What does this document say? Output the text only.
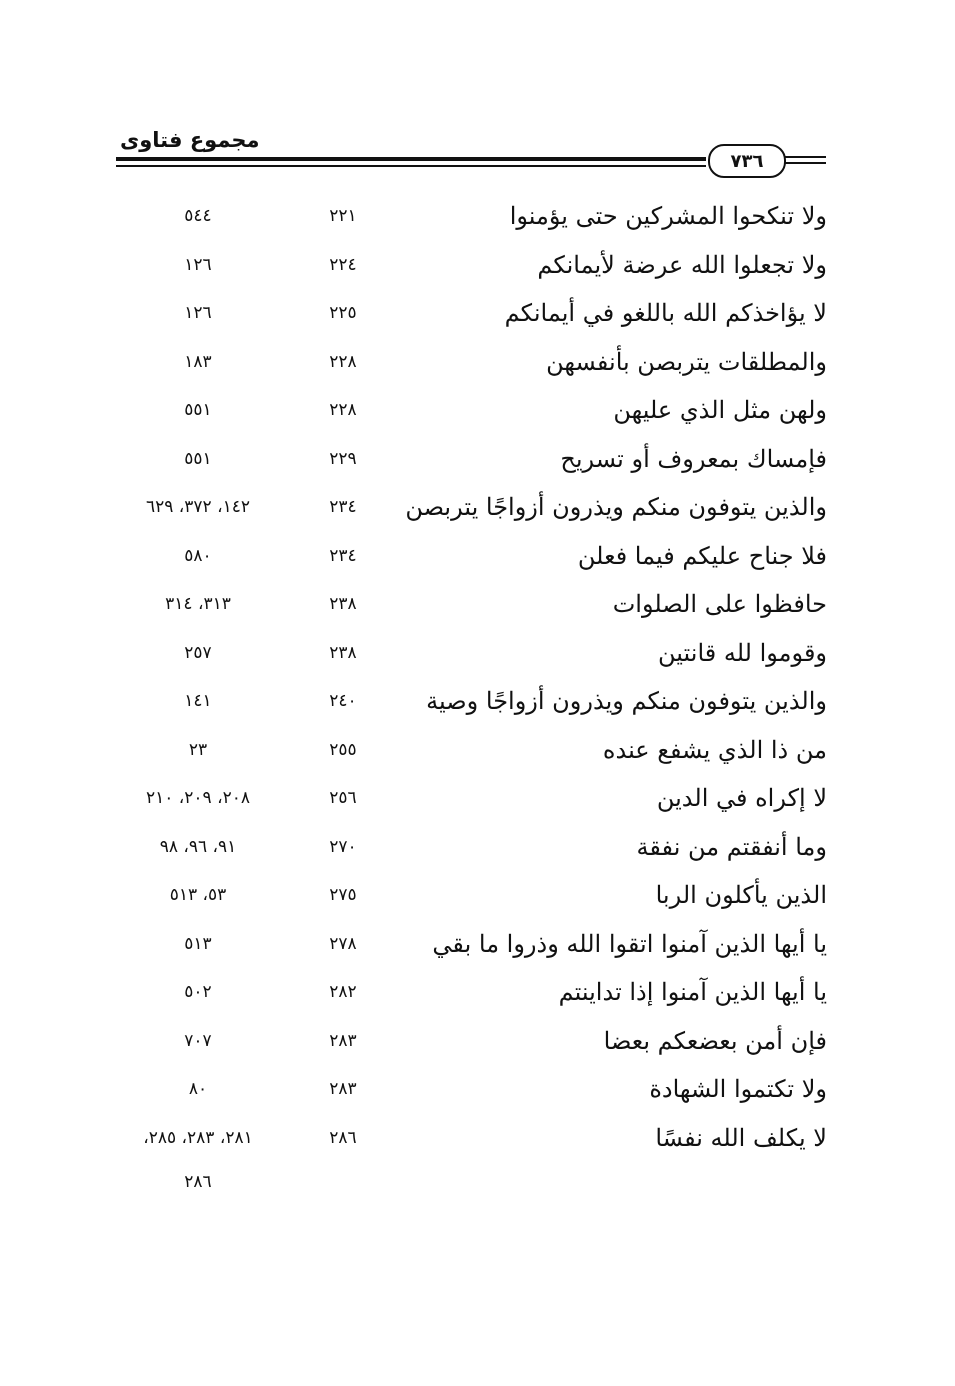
مجموع فتاوى
٧٣٦
ولا تنكحوا المشركين حتى يؤمنوا
٢٢١
٥٤٤
ولا تجعلوا الله عرضة لأيمانكم
٢٢٤
١٢٦
لا يؤاخذكم الله باللغو في أيمانكم
٢٢٥
١٢٦
والمطلقات يتربصن بأنفسهن
٢٢٨
١٨٣
ولهن مثل الذي عليهن
٢٢٨
٥٥١
فإمساك بمعروف أو تسريح
٢٢٩
٥٥١
والذين يتوفون منكم ويذرون أزواجًا يتربصن
٢٣٤
١٤٢، ٣٧٢، ٦٢٩
فلا جناح عليكم فيما فعلن
٢٣٤
٥٨٠
حافظوا على الصلوات
٢٣٨
٣١٣، ٣١٤
وقوموا لله قانتين
٢٣٨
٢٥٧
والذين يتوفون منكم ويذرون أزواجًا وصية
٢٤٠
١٤١
من ذا الذي يشفع عنده
٢٥٥
٢٣
لا إكراه في الدين
٢٥٦
٢٠٨، ٢٠٩، ٢١٠
وما أنفقتم من نفقة
٢٧٠
٩١، ٩٦، ٩٨
الذين يأكلون الربا
٢٧٥
٥٣، ٥١٣
يا أيها الذين آمنوا اتقوا الله وذروا ما بقي
٢٧٨
٥١٣
يا أيها الذين آمنوا إذا تداينتم
٢٨٢
٥٠٢
فإن أمن بعضعكم بعضا
٢٨٣
٧٠٧
ولا تكتموا الشهادة
٢٨٣
٨٠
لا يكلف الله نفسًا
٢٨٦
٢٨١، ٢٨٣، ٢٨٥،
٢٨٦
